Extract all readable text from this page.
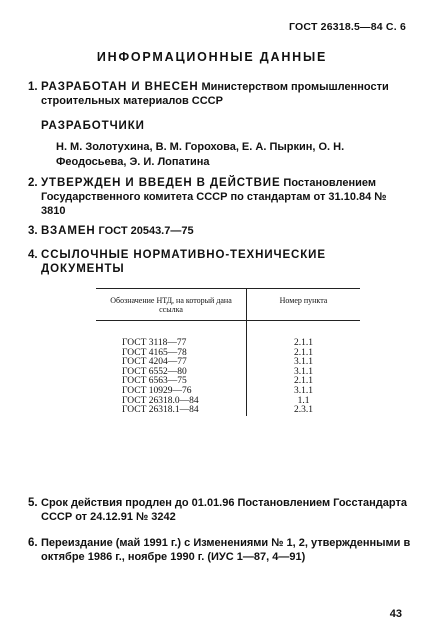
ГОСТ 26318.5—84 С. 6
ИНФОРМАЦИОННЫЕ ДАННЫЕ
1. РАЗРАБОТАН И ВНЕСЕН Министерством промышленности строительных материалов СССР
РАЗРАБОТЧИКИ
Н. М. Золотухина, В. М. Горохова, Е. А. Пыркин, О. Н. Феодосьева, Э. И. Лопатина
2. УТВЕРЖДЕН И ВВЕДЕН В ДЕЙСТВИЕ Постановлением Государственного комитета СССР по стандартам от 31.10.84 № 3810
3. ВЗАМЕН ГОСТ 20543.7—75
4. ССЫЛОЧНЫЕ НОРМАТИВНО-ТЕХНИЧЕСКИЕ ДОКУМЕНТЫ
Обозначение НТД, на который дана ссылка	Номер пункта
ГОСТ 3118—77	2.1.1
ГОСТ 4165—78	2.1.1
ГОСТ 4204—77	3.1.1
ГОСТ 6552—80	3.1.1
ГОСТ 6563—75	2.1.1
ГОСТ 10929—76	3.1.1
ГОСТ 26318.0—84	1.1
ГОСТ 26318.1—84	2.3.1
5. Срок действия продлен до 01.01.96 Постановлением Госстандарта СССР от 24.12.91 № 3242
6. Переиздание (май 1991 г.) с Изменениями № 1, 2, утвержденными в октябре 1986 г., ноябре 1990 г. (ИУС 1—87, 4—91)
43
